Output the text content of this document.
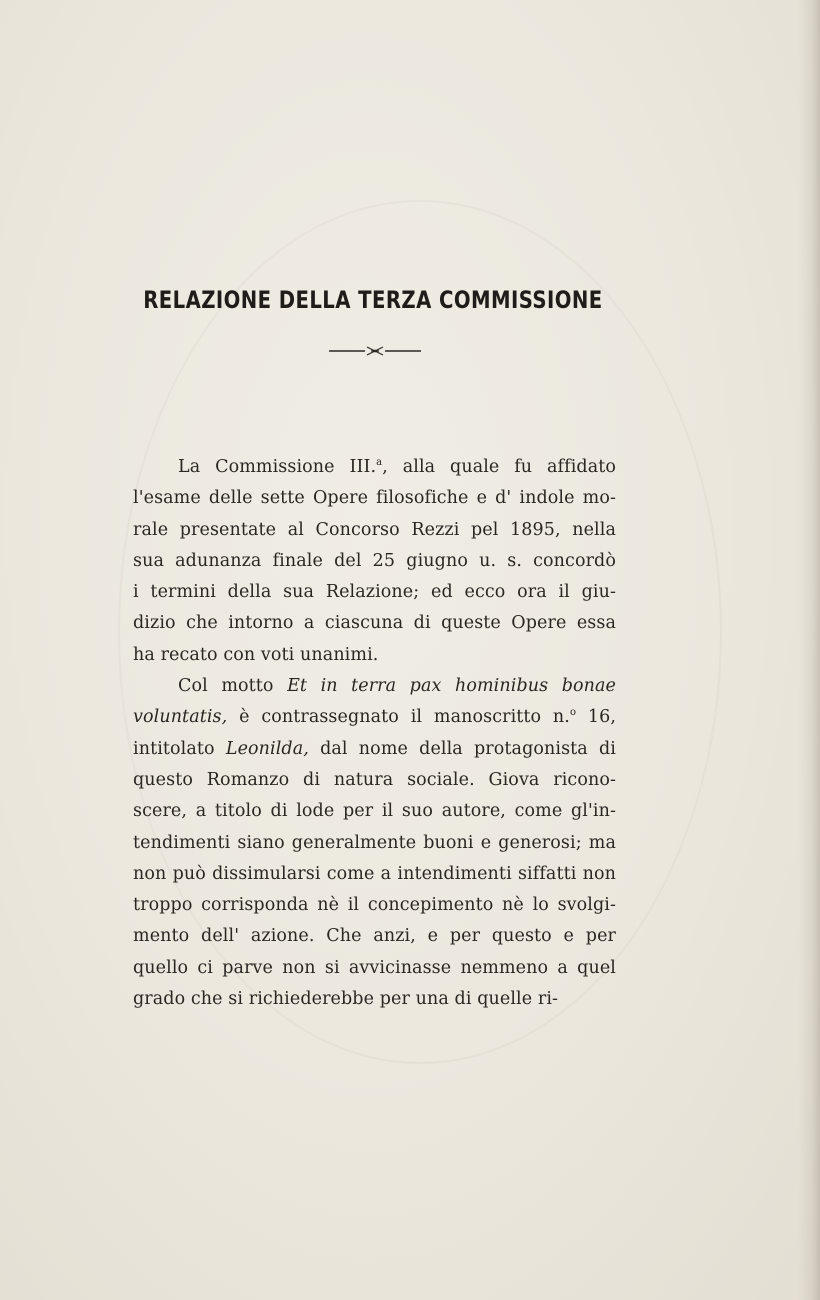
RELAZIONE DELLA TERZA COMMISSIONE
La Commissione III.$^a$, alla quale fu affidato
l'esame delle sette Opere filosofiche e d' indole mo-
rale presentate al Concorso Rezzi pel 1895, nella
sua adunanza finale del 25 giugno u. s. concordò
i termini della sua Relazione; ed ecco ora il giu-
dizio che intorno a ciascuna di queste Opere essa
ha recato con voti unanimi.
Col motto Et in terra pax hominibus bonae
voluntatis, è contrassegnato il manoscritto n.$^o$ 16,
intitolato Leonilda, dal nome della protagonista di
questo Romanzo di natura sociale. Giova ricono-
scere, a titolo di lode per il suo autore, come gl'in-
tendimenti siano generalmente buoni e generosi; ma
non può dissimularsi come a intendimenti siffatti non
troppo corrisponda nè il concepimento nè lo svolgi-
mento dell' azione. Che anzi, e per questo e per
quello ci parve non si avvicinasse nemmeno a quel
grado che si richiederebbe per una di quelle ri-
